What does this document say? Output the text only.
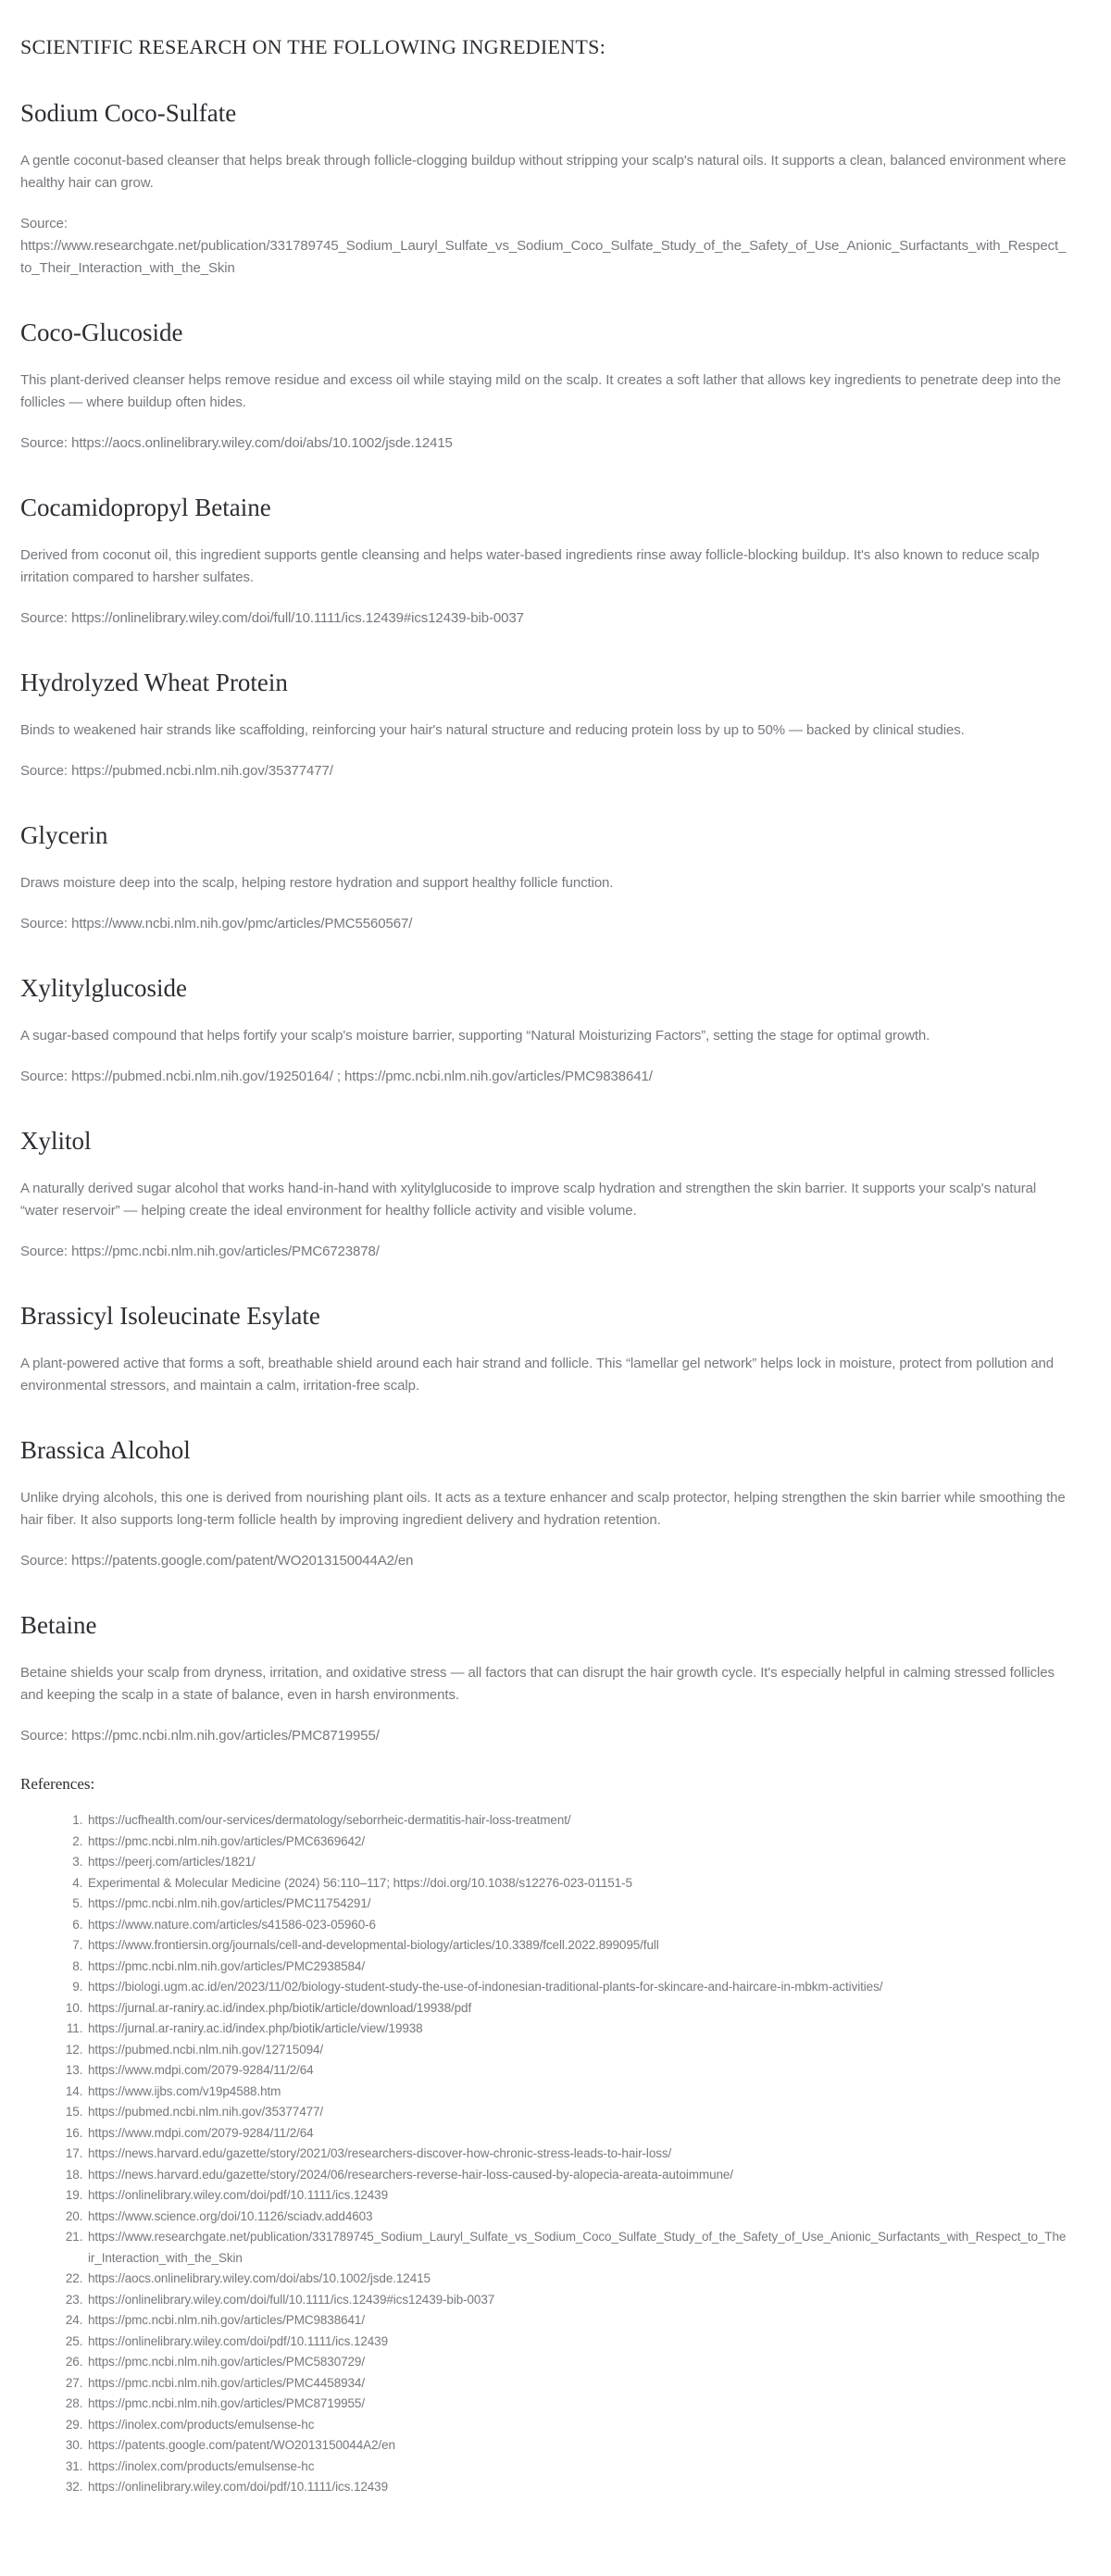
SCIENTIFIC RESEARCH ON THE FOLLOWING INGREDIENTS:
Sodium Coco-Sulfate

A gentle coconut-based cleanser that helps break through follicle-clogging buildup without stripping your scalp's natural oils. It supports a clean, balanced environment where healthy hair can grow.

Source: https://www.researchgate.net/publication/331789745_Sodium_Lauryl_Sulfate_vs_Sodium_Coco_Sulfate_Study_of_the_Safety_of_Use_Anionic_Surfactants_with_Respect_to_Their_Interaction_with_the_Skin

Coco-Glucoside

This plant-derived cleanser helps remove residue and excess oil while staying mild on the scalp. It creates a soft lather that allows key ingredients to penetrate deep into the follicles — where buildup often hides.

Source: https://aocs.onlinelibrary.wiley.com/doi/abs/10.1002/jsde.12415

Cocamidopropyl Betaine

Derived from coconut oil, this ingredient supports gentle cleansing and helps water-based ingredients rinse away follicle-blocking buildup. It's also known to reduce scalp irritation compared to harsher sulfates.

Source: https://onlinelibrary.wiley.com/doi/full/10.1111/ics.12439#ics12439-bib-0037

Hydrolyzed Wheat Protein

Binds to weakened hair strands like scaffolding, reinforcing your hair's natural structure and reducing protein loss by up to 50% — backed by clinical studies.

Source: https://pubmed.ncbi.nlm.nih.gov/35377477/

Glycerin

Draws moisture deep into the scalp, helping restore hydration and support healthy follicle function.

Source: https://www.ncbi.nlm.nih.gov/pmc/articles/PMC5560567/

Xylitylglucoside

A sugar-based compound that helps fortify your scalp's moisture barrier, supporting “Natural Moisturizing Factors”, setting the stage for optimal growth.

Source: https://pubmed.ncbi.nlm.nih.gov/19250164/ ; https://pmc.ncbi.nlm.nih.gov/articles/PMC9838641/

Xylitol

A naturally derived sugar alcohol that works hand-in-hand with xylitylglucoside to improve scalp hydration and strengthen the skin barrier. It supports your scalp's natural “water reservoir” — helping create the ideal environment for healthy follicle activity and visible volume.

Source: https://pmc.ncbi.nlm.nih.gov/articles/PMC6723878/

Brassicyl Isoleucinate Esylate

A plant-powered active that forms a soft, breathable shield around each hair strand and follicle. This “lamellar gel network” helps lock in moisture, protect from pollution and environmental stressors, and maintain a calm, irritation-free scalp.

Brassica Alcohol

Unlike drying alcohols, this one is derived from nourishing plant oils. It acts as a texture enhancer and scalp protector, helping strengthen the skin barrier while smoothing the hair fiber. It also supports long-term follicle health by improving ingredient delivery and hydration retention.

Source: https://patents.google.com/patent/WO2013150044A2/en

Betaine

Betaine shields your scalp from dryness, irritation, and oxidative stress — all factors that can disrupt the hair growth cycle. It's especially helpful in calming stressed follicles and keeping the scalp in a state of balance, even in harsh environments.

Source: https://pmc.ncbi.nlm.nih.gov/articles/PMC8719955/

References:
1. https://ucfhealth.com/our-services/dermatology/seborrheic-dermatitis-hair-loss-treatment/
2. https://pmc.ncbi.nlm.nih.gov/articles/PMC6369642/
3. https://peerj.com/articles/1821/
4. Experimental & Molecular Medicine (2024) 56:110–117; https://doi.org/10.1038/s12276-023-01151-5
5. https://pmc.ncbi.nlm.nih.gov/articles/PMC11754291/
6. https://www.nature.com/articles/s41586-023-05960-6
7. https://www.frontiersin.org/journals/cell-and-developmental-biology/articles/10.3389/fcell.2022.899095/full
8. https://pmc.ncbi.nlm.nih.gov/articles/PMC2938584/
9. https://biologi.ugm.ac.id/en/2023/11/02/biology-student-study-the-use-of-indonesian-traditional-plants-for-skincare-and-haircare-in-mbkm-activities/
10. https://jurnal.ar-raniry.ac.id/index.php/biotik/article/download/19938/pdf
11. https://jurnal.ar-raniry.ac.id/index.php/biotik/article/view/19938
12. https://pubmed.ncbi.nlm.nih.gov/12715094/
13. https://www.mdpi.com/2079-9284/11/2/64
14. https://www.ijbs.com/v19p4588.htm
15. https://pubmed.ncbi.nlm.nih.gov/35377477/
16. https://www.mdpi.com/2079-9284/11/2/64
17. https://news.harvard.edu/gazette/story/2021/03/researchers-discover-how-chronic-stress-leads-to-hair-loss/
18. https://news.harvard.edu/gazette/story/2024/06/researchers-reverse-hair-loss-caused-by-alopecia-areata-autoimmune/
19. https://onlinelibrary.wiley.com/doi/pdf/10.1111/ics.12439
20. https://www.science.org/doi/10.1126/sciadv.add4603
21. https://www.researchgate.net/publication/331789745_Sodium_Lauryl_Sulfate_vs_Sodium_Coco_Sulfate_Study_of_the_Safety_of_Use_Anionic_Surfactants_with_Respect_to_Their_Interaction_with_the_Skin
22. https://aocs.onlinelibrary.wiley.com/doi/abs/10.1002/jsde.12415
23. https://onlinelibrary.wiley.com/doi/full/10.1111/ics.12439#ics12439-bib-0037
24. https://pmc.ncbi.nlm.nih.gov/articles/PMC9838641/
25. https://onlinelibrary.wiley.com/doi/pdf/10.1111/ics.12439
26. https://pmc.ncbi.nlm.nih.gov/articles/PMC5830729/
27. https://pmc.ncbi.nlm.nih.gov/articles/PMC4458934/
28. https://pmc.ncbi.nlm.nih.gov/articles/PMC8719955/
29. https://inolex.com/products/emulsense-hc
30. https://patents.google.com/patent/WO2013150044A2/en
31. https://inolex.com/products/emulsense-hc
32. https://onlinelibrary.wiley.com/doi/pdf/10.1111/ics.12439
